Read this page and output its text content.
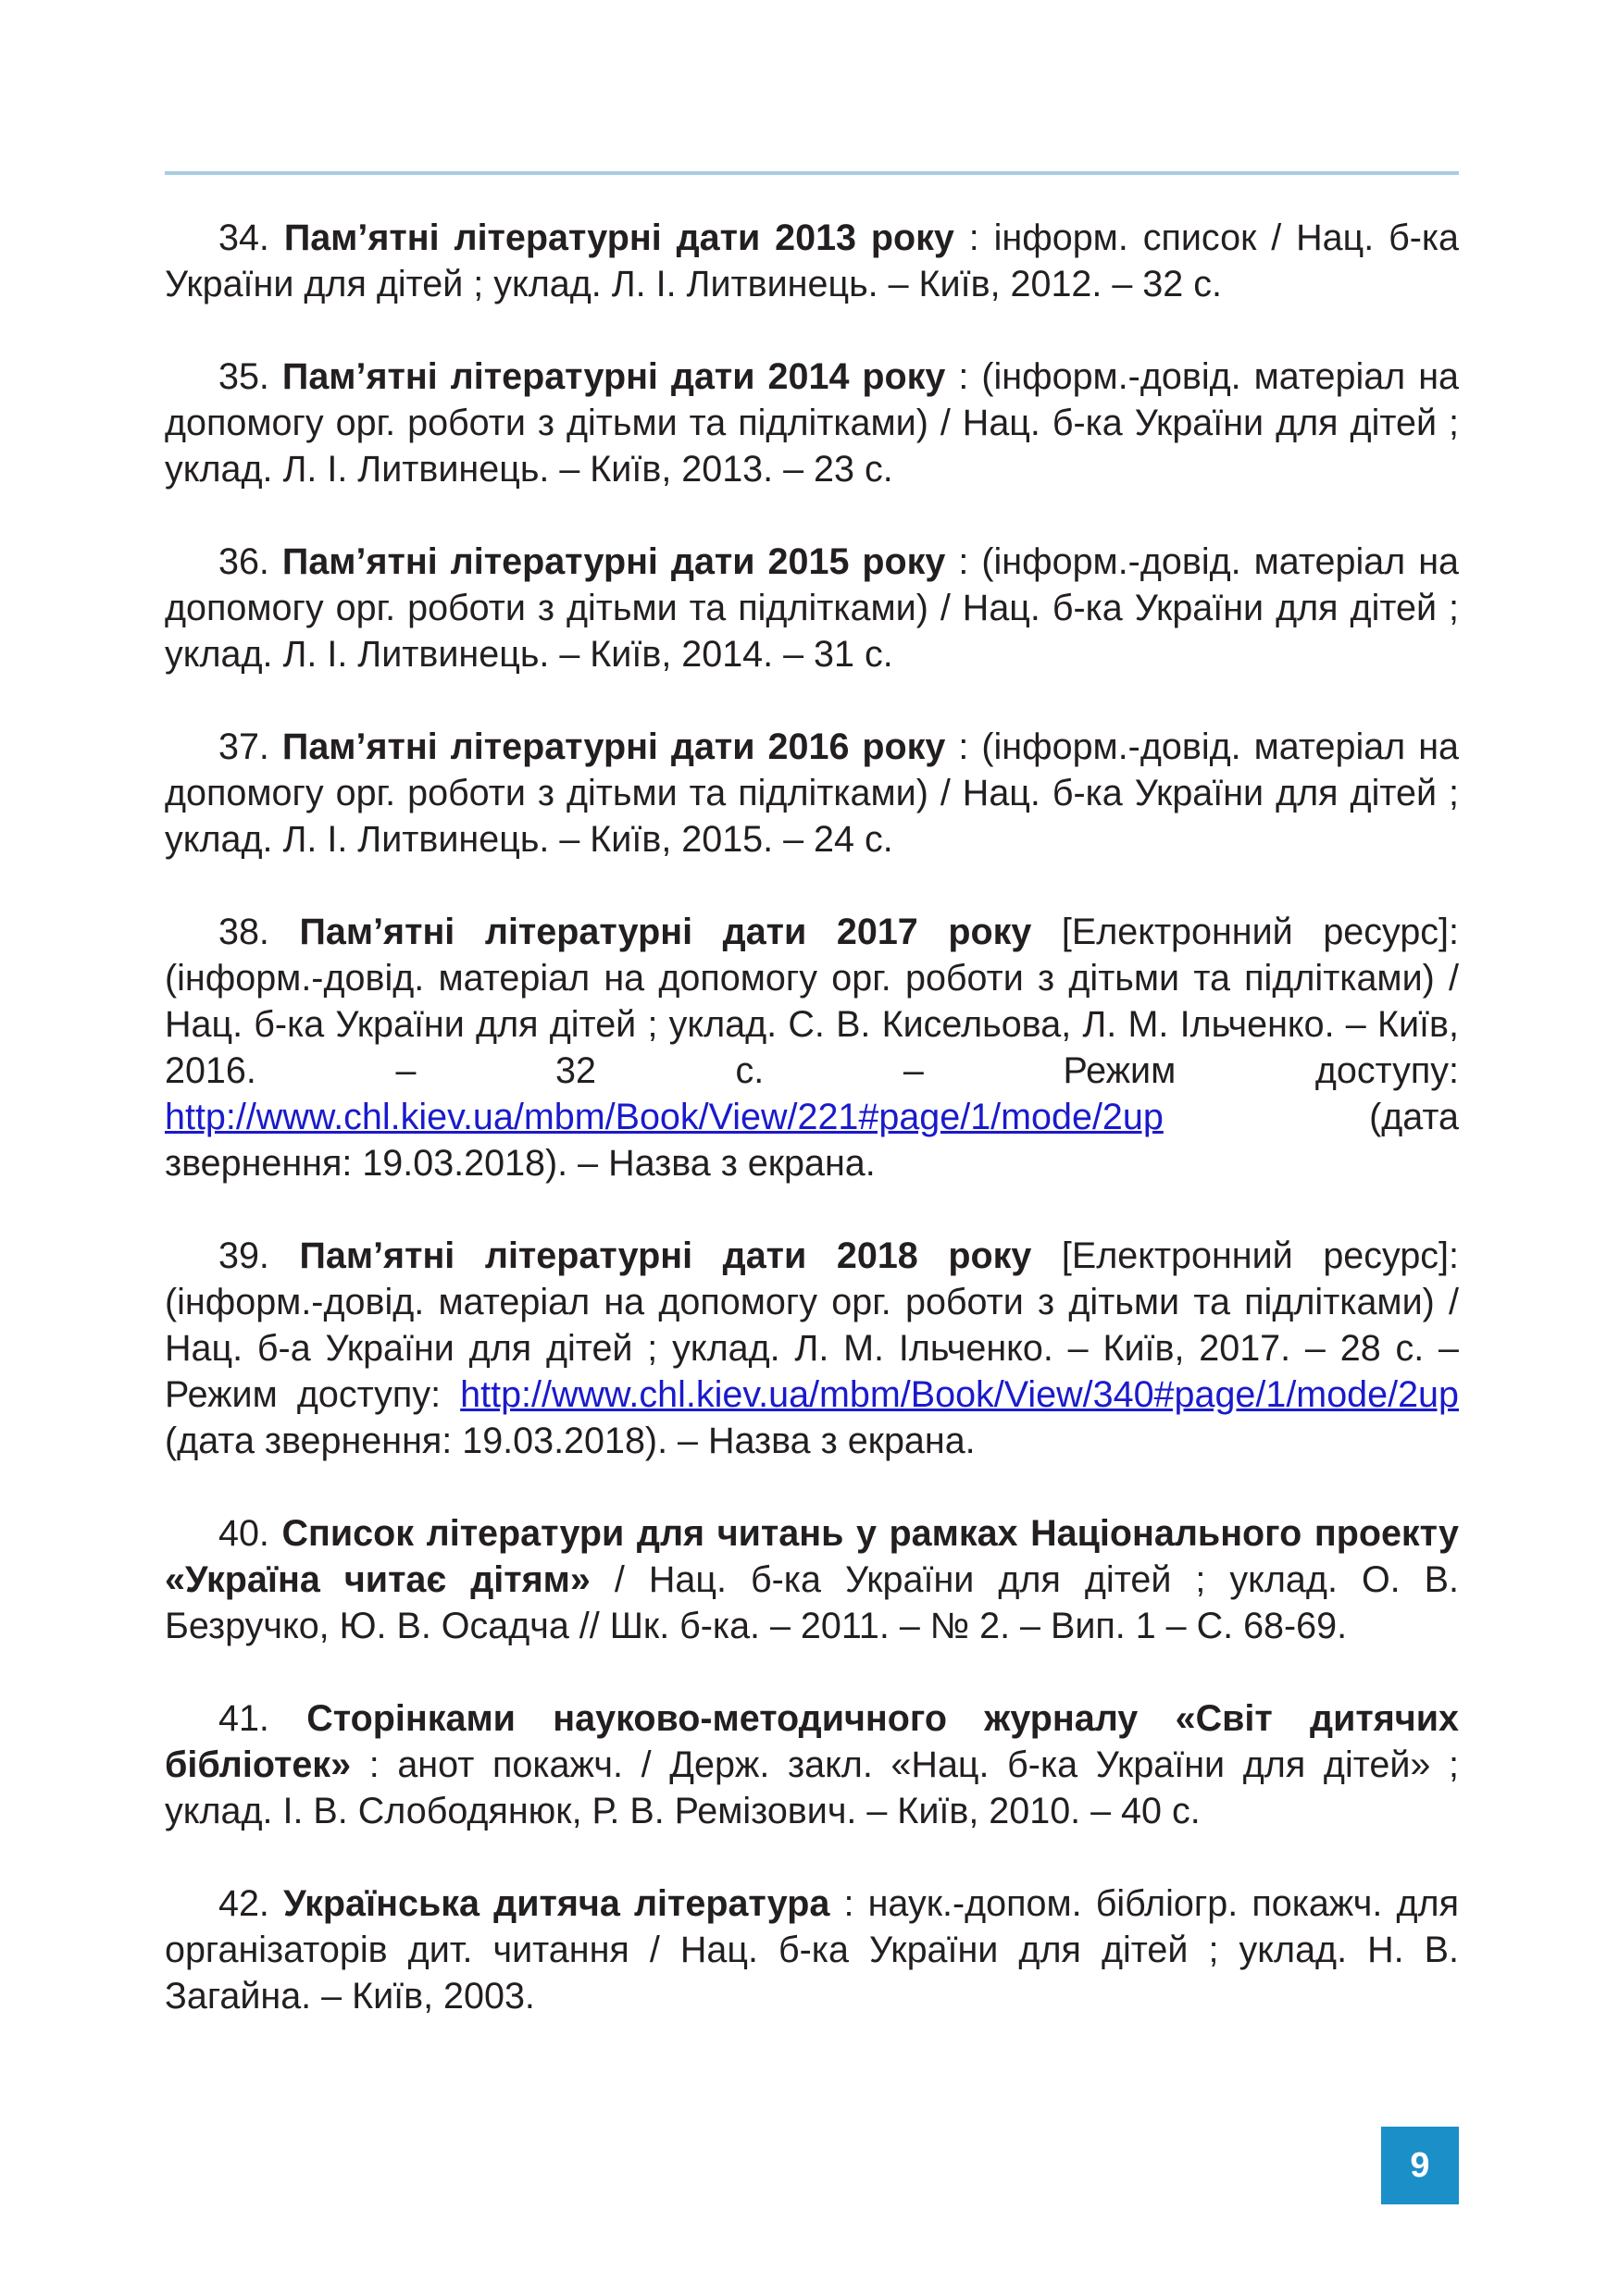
34. Пам’ятні літературні дати 2013 року : інформ. список / Нац. б-ка України для дітей ; уклад. Л. І. Литвинець. – Київ, 2012. – 32 с.

35. Пам’ятні літературні дати 2014 року : (інформ.-довід. матеріал на допомогу орг. роботи з дітьми та підлітками) / Нац. б-ка України для дітей ; уклад. Л. І. Литвинець. – Київ, 2013. – 23 с.

36. Пам’ятні літературні дати 2015 року : (інформ.-довід. матеріал на допомогу орг. роботи з дітьми та підлітками) / Нац. б-ка України для дітей ; уклад. Л. І. Литвинець. – Київ, 2014. – 31 с.

37. Пам’ятні літературні дати 2016 року : (інформ.-довід. матеріал на допомогу орг. роботи з дітьми та підлітками) / Нац. б-ка України для дітей ; уклад. Л. І. Литвинець. – Київ, 2015. – 24 с.

38. Пам’ятні літературні дати 2017 року [Електронний ресурс]: (інформ.-довід. матеріал на допомогу орг. роботи з дітьми та підлітками) / Нац. б-ка України для дітей ; уклад. С. В. Кисельова, Л. М. Ільченко. – Київ, 2016. – 32 с. – Режим доступу: http://www.chl.kiev.ua/mbm/Book/View/221#page/1/mode/2up (дата звернення: 19.03.2018). – Назва з екрана.

39. Пам’ятні літературні дати 2018 року [Електронний ресурс]: (інформ.-довід. матеріал на допомогу орг. роботи з дітьми та підлітками) / Нац. б-а України для дітей ; уклад. Л. М. Ільченко. – Київ, 2017. – 28 с. – Режим доступу: http://www.chl.kiev.ua/mbm/Book/View/340#page/1/mode/2up (дата звернення: 19.03.2018). – Назва з екрана.

40. Список літератури для читань у рамках Національного проекту «Україна читає дітям» / Нац. б-ка України для дітей ; уклад. О. В. Безручко, Ю. В. Осадча // Шк. б-ка. – 2011. – № 2. – Вип. 1 – С. 68-69.

41. Сторінками науково-методичного журналу «Світ дитячих бібліотек» : анот покажч. / Держ. закл. «Нац. б-ка України для дітей» ; уклад. І. В. Слободянюк, Р. В. Ремізович. – Київ, 2010. – 40 с.

42. Українська дитяча література : наук.-допом. бібліогр. покажч. для організаторів дит. читання / Нац. б-ка України для дітей ; уклад. Н. В. Загайна. – Київ, 2003.

9
